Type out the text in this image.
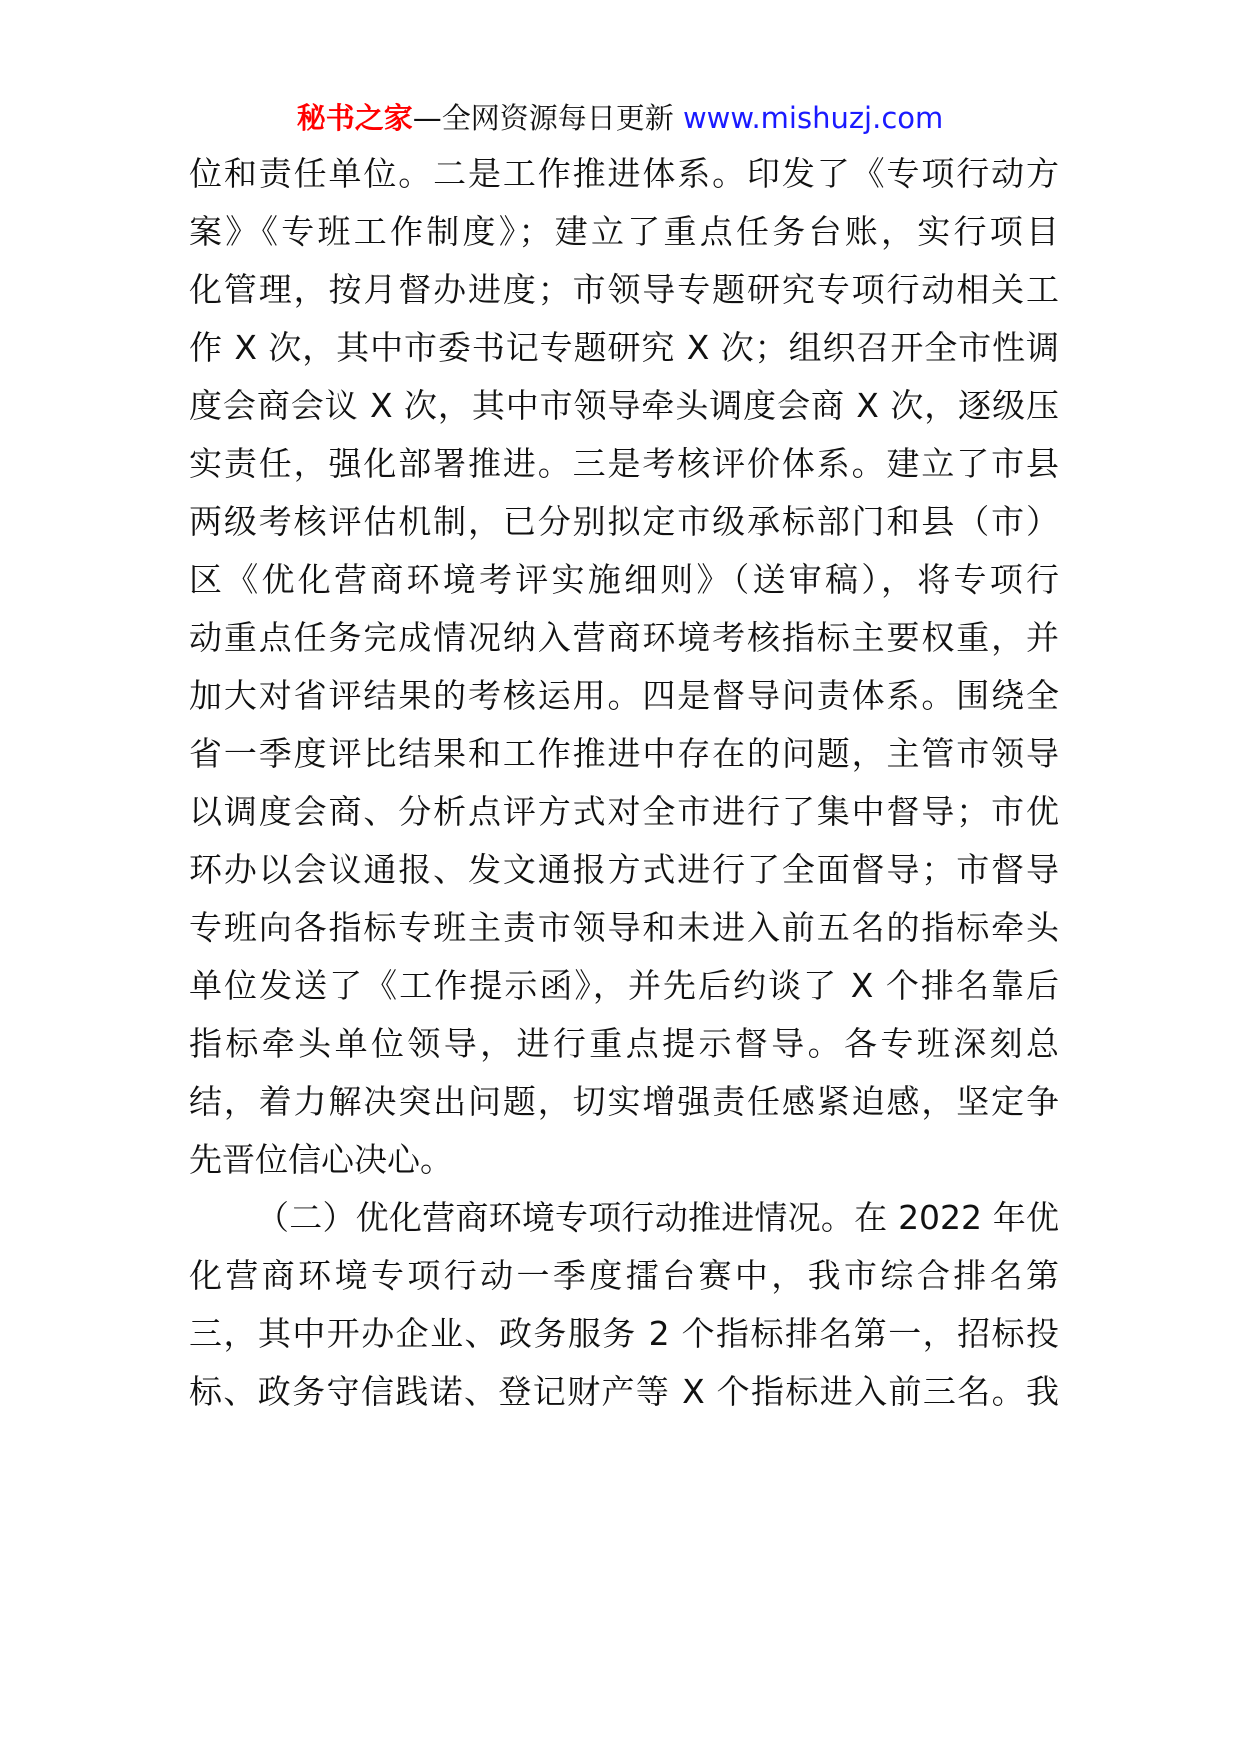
秘书之家—全网资源每日更新 www.mishuzj.com
位和责任单位。二是工作推进体系。印发了《专项行动方
案》《专班工作制度》；建立了重点任务台账，实行项目
化管理，按月督办进度；市领导专题研究专项行动相关工
作 X 次，其中市委书记专题研究 X 次；组织召开全市性调
度会商会议 X 次，其中市领导牵头调度会商 X 次，逐级压
实责任，强化部署推进。三是考核评价体系。建立了市县
两级考核评估机制，已分别拟定市级承标部门和县（市）
区《优化营商环境考评实施细则》（送审稿），将专项行
动重点任务完成情况纳入营商环境考核指标主要权重，并
加大对省评结果的考核运用。四是督导问责体系。围绕全
省一季度评比结果和工作推进中存在的问题，主管市领导
以调度会商、分析点评方式对全市进行了集中督导；市优
环办以会议通报、发文通报方式进行了全面督导；市督导
专班向各指标专班主责市领导和未进入前五名的指标牵头
单位发送了《工作提示函》，并先后约谈了 X 个排名靠后
指标牵头单位领导，进行重点提示督导。各专班深刻总
结，着力解决突出问题，切实增强责任感紧迫感，坚定争
先晋位信心决心。
（二）优化营商环境专项行动推进情况。在 2022 年优
化营商环境专项行动一季度擂台赛中，我市综合排名第
三，其中开办企业、政务服务 2 个指标排名第一，招标投
标、政务守信践诺、登记财产等 X 个指标进入前三名。我
